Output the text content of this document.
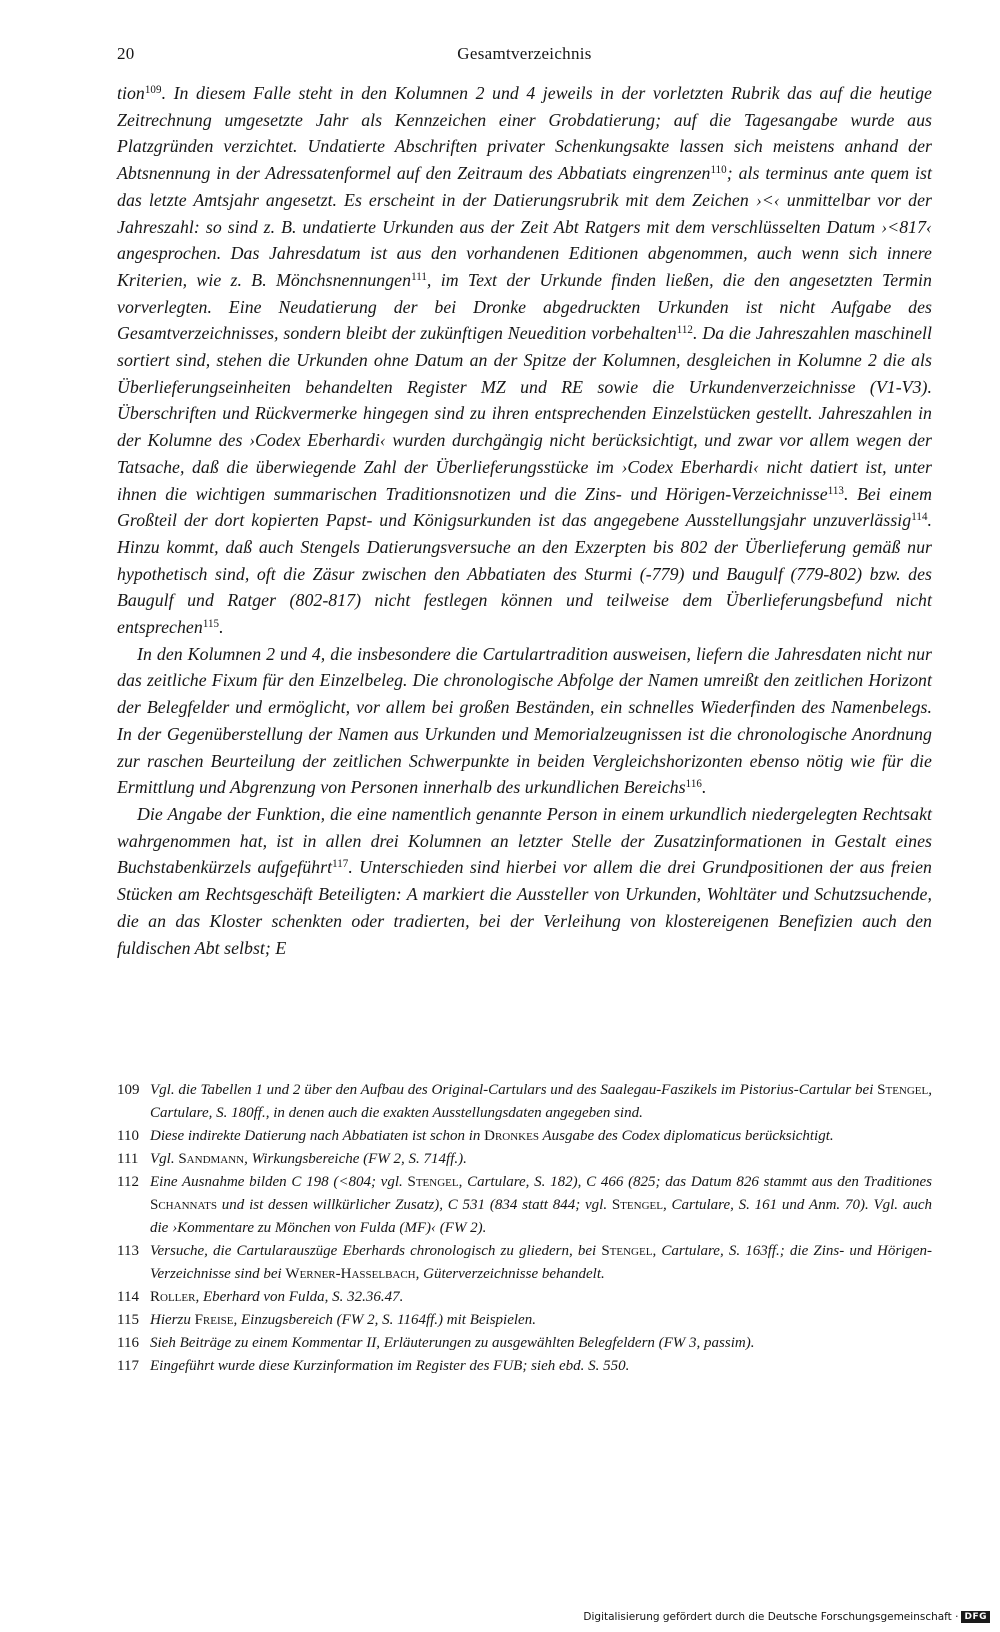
20	Gesamtverzeichnis

tion$^{109}$. In diesem Falle steht in den Kolumnen 2 und 4 jeweils in der vorletzten Rubrik das auf die heutige Zeitrechnung umgesetzte Jahr als Kennzeichen einer Grobdatierung; auf die Tagesangabe wurde aus Platzgründen verzichtet. Undatierte Abschriften privater Schenkungsakte lassen sich meistens anhand der Abtsnennung in der Adressatenformel auf den Zeitraum des Abbatiats eingrenzen$^{110}$; als terminus ante quem ist das letzte Amtsjahr angesetzt. Es erscheint in der Datierungsrubrik mit dem Zeichen ›<‹ unmittelbar vor der Jahreszahl: so sind z. B. undatierte Urkunden aus der Zeit Abt Ratgers mit dem verschlüsselten Datum ›<817‹ angesprochen. Das Jahresdatum ist aus den vorhandenen Editionen abgenommen, auch wenn sich innere Kriterien, wie z. B. Mönchsnennungen$^{111}$, im Text der Urkunde finden ließen, die den angesetzten Termin vorverlegten. Eine Neudatierung der bei Dronke abgedruckten Urkunden ist nicht Aufgabe des Gesamtverzeichnisses, sondern bleibt der zukünftigen Neuedition vorbehalten$^{112}$. Da die Jahreszahlen maschinell sortiert sind, stehen die Urkunden ohne Datum an der Spitze der Kolumnen, desgleichen in Kolumne 2 die als Überlieferungseinheiten behandelten Register MZ und RE sowie die Urkundenverzeichnisse (V1-V3). Überschriften und Rückvermerke hingegen sind zu ihren entsprechenden Einzelstücken gestellt. Jahreszahlen in der Kolumne des ›Codex Eberhardi‹ wurden durchgängig nicht berücksichtigt, und zwar vor allem wegen der Tatsache, daß die überwiegende Zahl der Überlieferungsstücke im ›Codex Eberhardi‹ nicht datiert ist, unter ihnen die wichtigen summarischen Traditionsnotizen und die Zins- und Hörіgen-Verzeichnisse$^{113}$. Bei einem Großteil der dort kopierten Papst- und Königsurkunden ist das angegebene Ausstellungsjahr unzuverlässig$^{114}$. Hinzu kommt, daß auch Stengels Datierungsversuche an den Exzerpten bis 802 der Überlieferung gemäß nur hypothetisch sind, oft die Zäsur zwischen den Abbatiaten des Sturmi (-779) und Baugulf (779-802) bzw. des Baugulf und Ratger (802-817) nicht festlegen können und teilweise dem Überlieferungsbefund nicht entsprechen$^{115}$.

In den Kolumnen 2 und 4, die insbesondere die Cartulartradition ausweisen, liefern die Jahresdaten nicht nur das zeitliche Fixum für den Einzelbeleg. Die chronologische Abfolge der Namen umreißt den zeitlichen Horizont der Belegfelder und ermöglicht, vor allem bei großen Beständen, ein schnelles Wiederfinden des Namenbelegs. In der Gegenüberstellung der Namen aus Urkunden und Memorialzeugnissen ist die chronologische Anordnung zur raschen Beurteilung der zeitlichen Schwerpunkte in beiden Vergleichshorizonten ebenso nötig wie für die Ermittlung und Abgrenzung von Personen innerhalb des urkundlichen Bereichs$^{116}$.

Die Angabe der Funktion, die eine namentlich genannte Person in einem urkundlich niedergelegten Rechtsakt wahrgenommen hat, ist in allen drei Kolumnen an letzter Stelle der Zusatzinformationen in Gestalt eines Buchstabenkürzels aufgeführt$^{117}$. Unterschieden sind hierbei vor allem die drei Grundpositionen der aus freien Stücken am Rechtsgeschäft Beteiligten: A markiert die Aussteller von Urkunden, Wohltäter und Schutzsuchende, die an das Kloster schenkten oder tradierten, bei der Verleihung von klostereigenen Benefizien auch den fuldischen Abt selbst; E

109 Vgl. die Tabellen 1 und 2 über den Aufbau des Original-Cartulars und des Saalegau-Faszikels im Pistorius-Cartular bei Stengel, Cartulare, S. 180ff., in denen auch die exakten Ausstellungsdaten angegeben sind.
110 Diese indirekte Datierung nach Abbatiaten ist schon in Dronkes Ausgabe des Codex diplomaticus berücksichtigt.
111 Vgl. Sandmann, Wirkungsbereiche (FW 2, S. 714ff.).
112 Eine Ausnahme bilden C 198 (<804; vgl. Stengel, Cartulare, S. 182), C 466 (825; das Datum 826 stammt aus den Traditiones Schannats und ist dessen willkürlicher Zusatz), C 531 (834 statt 844; vgl. Stengel, Cartulare, S. 161 und Anm. 70). Vgl. auch die ›Kommentare zu Mönchen von Fulda (MF)‹ (FW 2).
113 Versuche, die Cartularauszüge Eberhards chronologisch zu gliedern, bei Stengel, Cartulare, S. 163ff.; die Zins- und Hörigen-Verzeichnisse sind bei Werner-Hasselbach, Güterverzeichnisse behandelt.
114 Roller, Eberhard von Fulda, S. 32.36.47.
115 Hierzu Freise, Einzugsbereich (FW 2, S. 1164ff.) mit Beispielen.
116 Sieh Beiträge zu einem Kommentar II, Erläuterungen zu ausgewählten Belegfeldern (FW 3, passim).
117 Eingeführt wurde diese Kurzinformation im Register des FUB; sieh ebd. S. 550.
Digitalisierung gefördert durch die Deutsche Forschungsgemeinschaft · DFG
